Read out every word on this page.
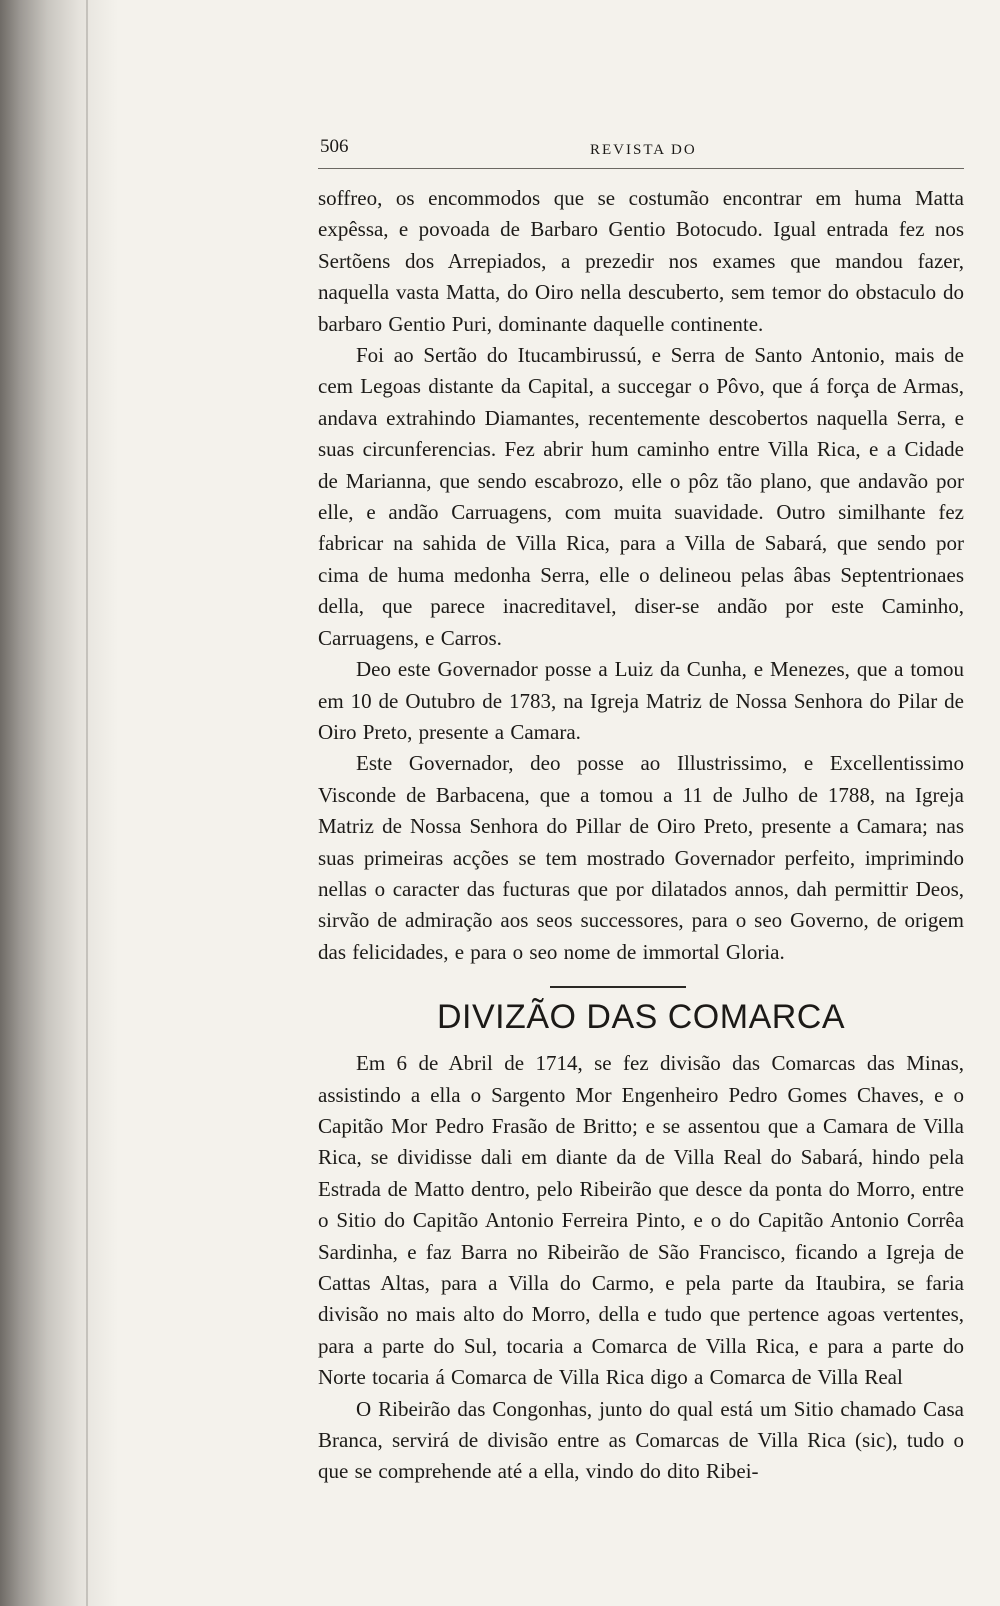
506	REVISTA DO

soffreo, os encommodos que se costumão encontrar em huma Matta expêssa, e povoada de Barbaro Gentio Botocudo. Igual entrada fez nos Sertõens dos Arrepiados, a prezedir nos exames que mandou fazer, naquella vasta Matta, do Oiro nella descuberto, sem temor do obstaculo do barbaro Gentio Puri, dominante daquelle continente.

Foi ao Sertão do Itucambirussú, e Serra de Santo Antonio, mais de cem Legoas distante da Capital, a succegar o Pôvo, que á força de Armas, andava extrahindo Diamantes, recentemente descobertos naquella Serra, e suas circunferencias. Fez abrir hum caminho entre Villa Rica, e a Cidade de Marianna, que sendo escabrozo, elle o pôz tão plano, que andavão por elle, e andão Carruagens, com muita suavidade. Outro similhante fez fabricar na sahida de Villa Rica, para a Villa de Sabará, que sendo por cima de huma medonha Serra, elle o delineou pelas âbas Septentrionaes della, que parece inacreditavel, diser-se andão por este Caminho, Carruagens, e Carros.

Deo este Governador posse a Luiz da Cunha, e Menezes, que a tomou em 10 de Outubro de 1783, na Igreja Matriz de Nossa Senhora do Pilar de Oiro Preto, presente a Camara.

Este Governador, deo posse ao Illustrissimo, e Excellentissimo Visconde de Barbacena, que a tomou a 11 de Julho de 1788, na Igreja Matriz de Nossa Senhora do Pillar de Oiro Preto, presente a Camara; nas suas primeiras acções se tem mostrado Governador perfeito, imprimindo nellas o caracter das fucturas que por dilatados annos, dah permittir Deos, sirvão de admiração aos seos successores, para o seo Governo, de origem das felicidades, e para o seo nome de immortal Gloria.

DIVIZÃO DAS COMARCA

Em 6 de Abril de 1714, se fez divisão das Comarcas das Minas, assistindo a ella o Sargento Mor Engenheiro Pedro Gomes Chaves, e o Capitão Mor Pedro Frasão de Britto; e se assentou que a Camara de Villa Rica, se dividisse dali em diante da de Villa Real do Sabará, hindo pela Estrada de Matto dentro, pelo Ribeirão que desce da ponta do Morro, entre o Sitio do Capitão Antonio Ferreira Pinto, e o do Capitão Antonio Corrêa Sardinha, e faz Barra no Ribeirão de São Francisco, ficando a Igreja de Cattas Altas, para a Villa do Carmo, e pela parte da Itaubira, se faria divisão no mais alto do Morro, della e tudo que pertence agoas vertentes, para a parte do Sul, tocaria a Comarca de Villa Rica, e para a parte do Norte tocaria á Comarca de Villa Rica digo a Comarca de Villa Real

O Ribeirão das Congonhas, junto do qual está um Sitio chamado Casa Branca, servirá de divisão entre as Comarcas de Villa Rica (sic), tudo o que se comprehende até a ella, vindo do dito Ribei-
